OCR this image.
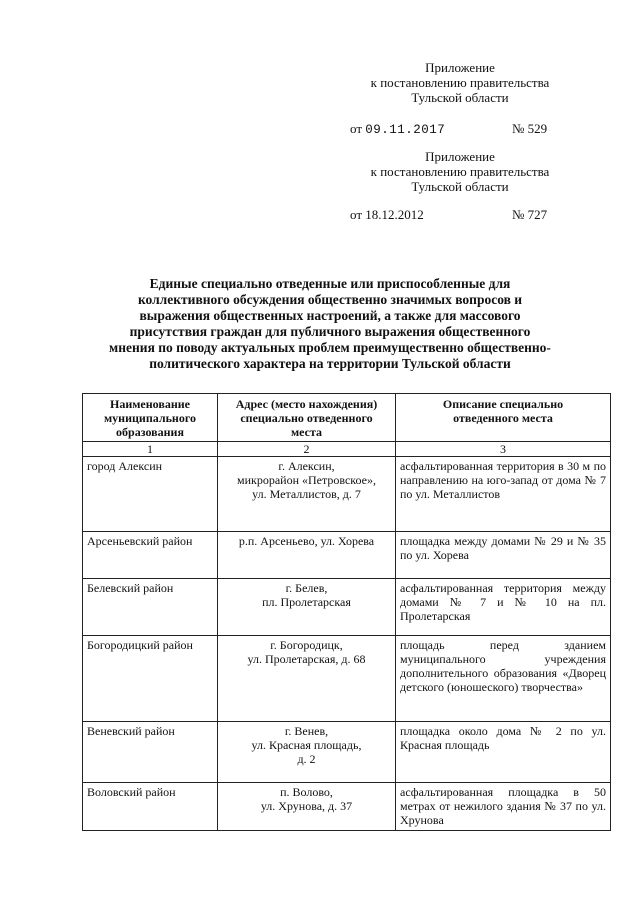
Приложение
к постановлению правительства
Тульской области
от 09.11.2017	№ 529
Приложение
к постановлению правительства
Тульской области
от 18.12.2012	№ 727
Единые специально отведенные или приспособленные для
коллективного обсуждения общественно значимых вопросов и
выражения общественных настроений, а также для массового
присутствия граждан для публичного выражения общественного
мнения по поводу актуальных проблем преимущественно общественно-
политического характера на территории Тульской области
Наименование
муниципального
образования	Адрес (место нахождения)
специально отведенного
места	Описание специально
отведенного места

1	2	3
город Алексин	г. Алексин,
микрорайон «Петровское»,
ул. Металлистов, д. 7	асфальтированная территория в 30 м по направлению на юго-запад от дома № 7 по ул. Металлистов
Арсеньевский район	р.п. Арсеньево, ул. Хорева	площадка между домами № 29 и № 35 по ул. Хорева
Белевский район	г. Белев,
пл. Пролетарская	асфальтированная территория между домами № 7 и № 10 на пл. Пролетарская
Богородицкий район	г. Богородицк,
ул. Пролетарская, д. 68	площадь перед зданием муниципального учреждения дополнительного образования «Дворец детского (юношеского) творчества»
Веневский район	г. Венев,
ул. Красная площадь,
д. 2	площадка около дома № 2 по ул. Красная площадь
Воловский район	п. Волово,
ул. Хрунова, д. 37	асфальтированная площадка в 50 метрах от нежилого здания № 37 по ул. Хрунова
